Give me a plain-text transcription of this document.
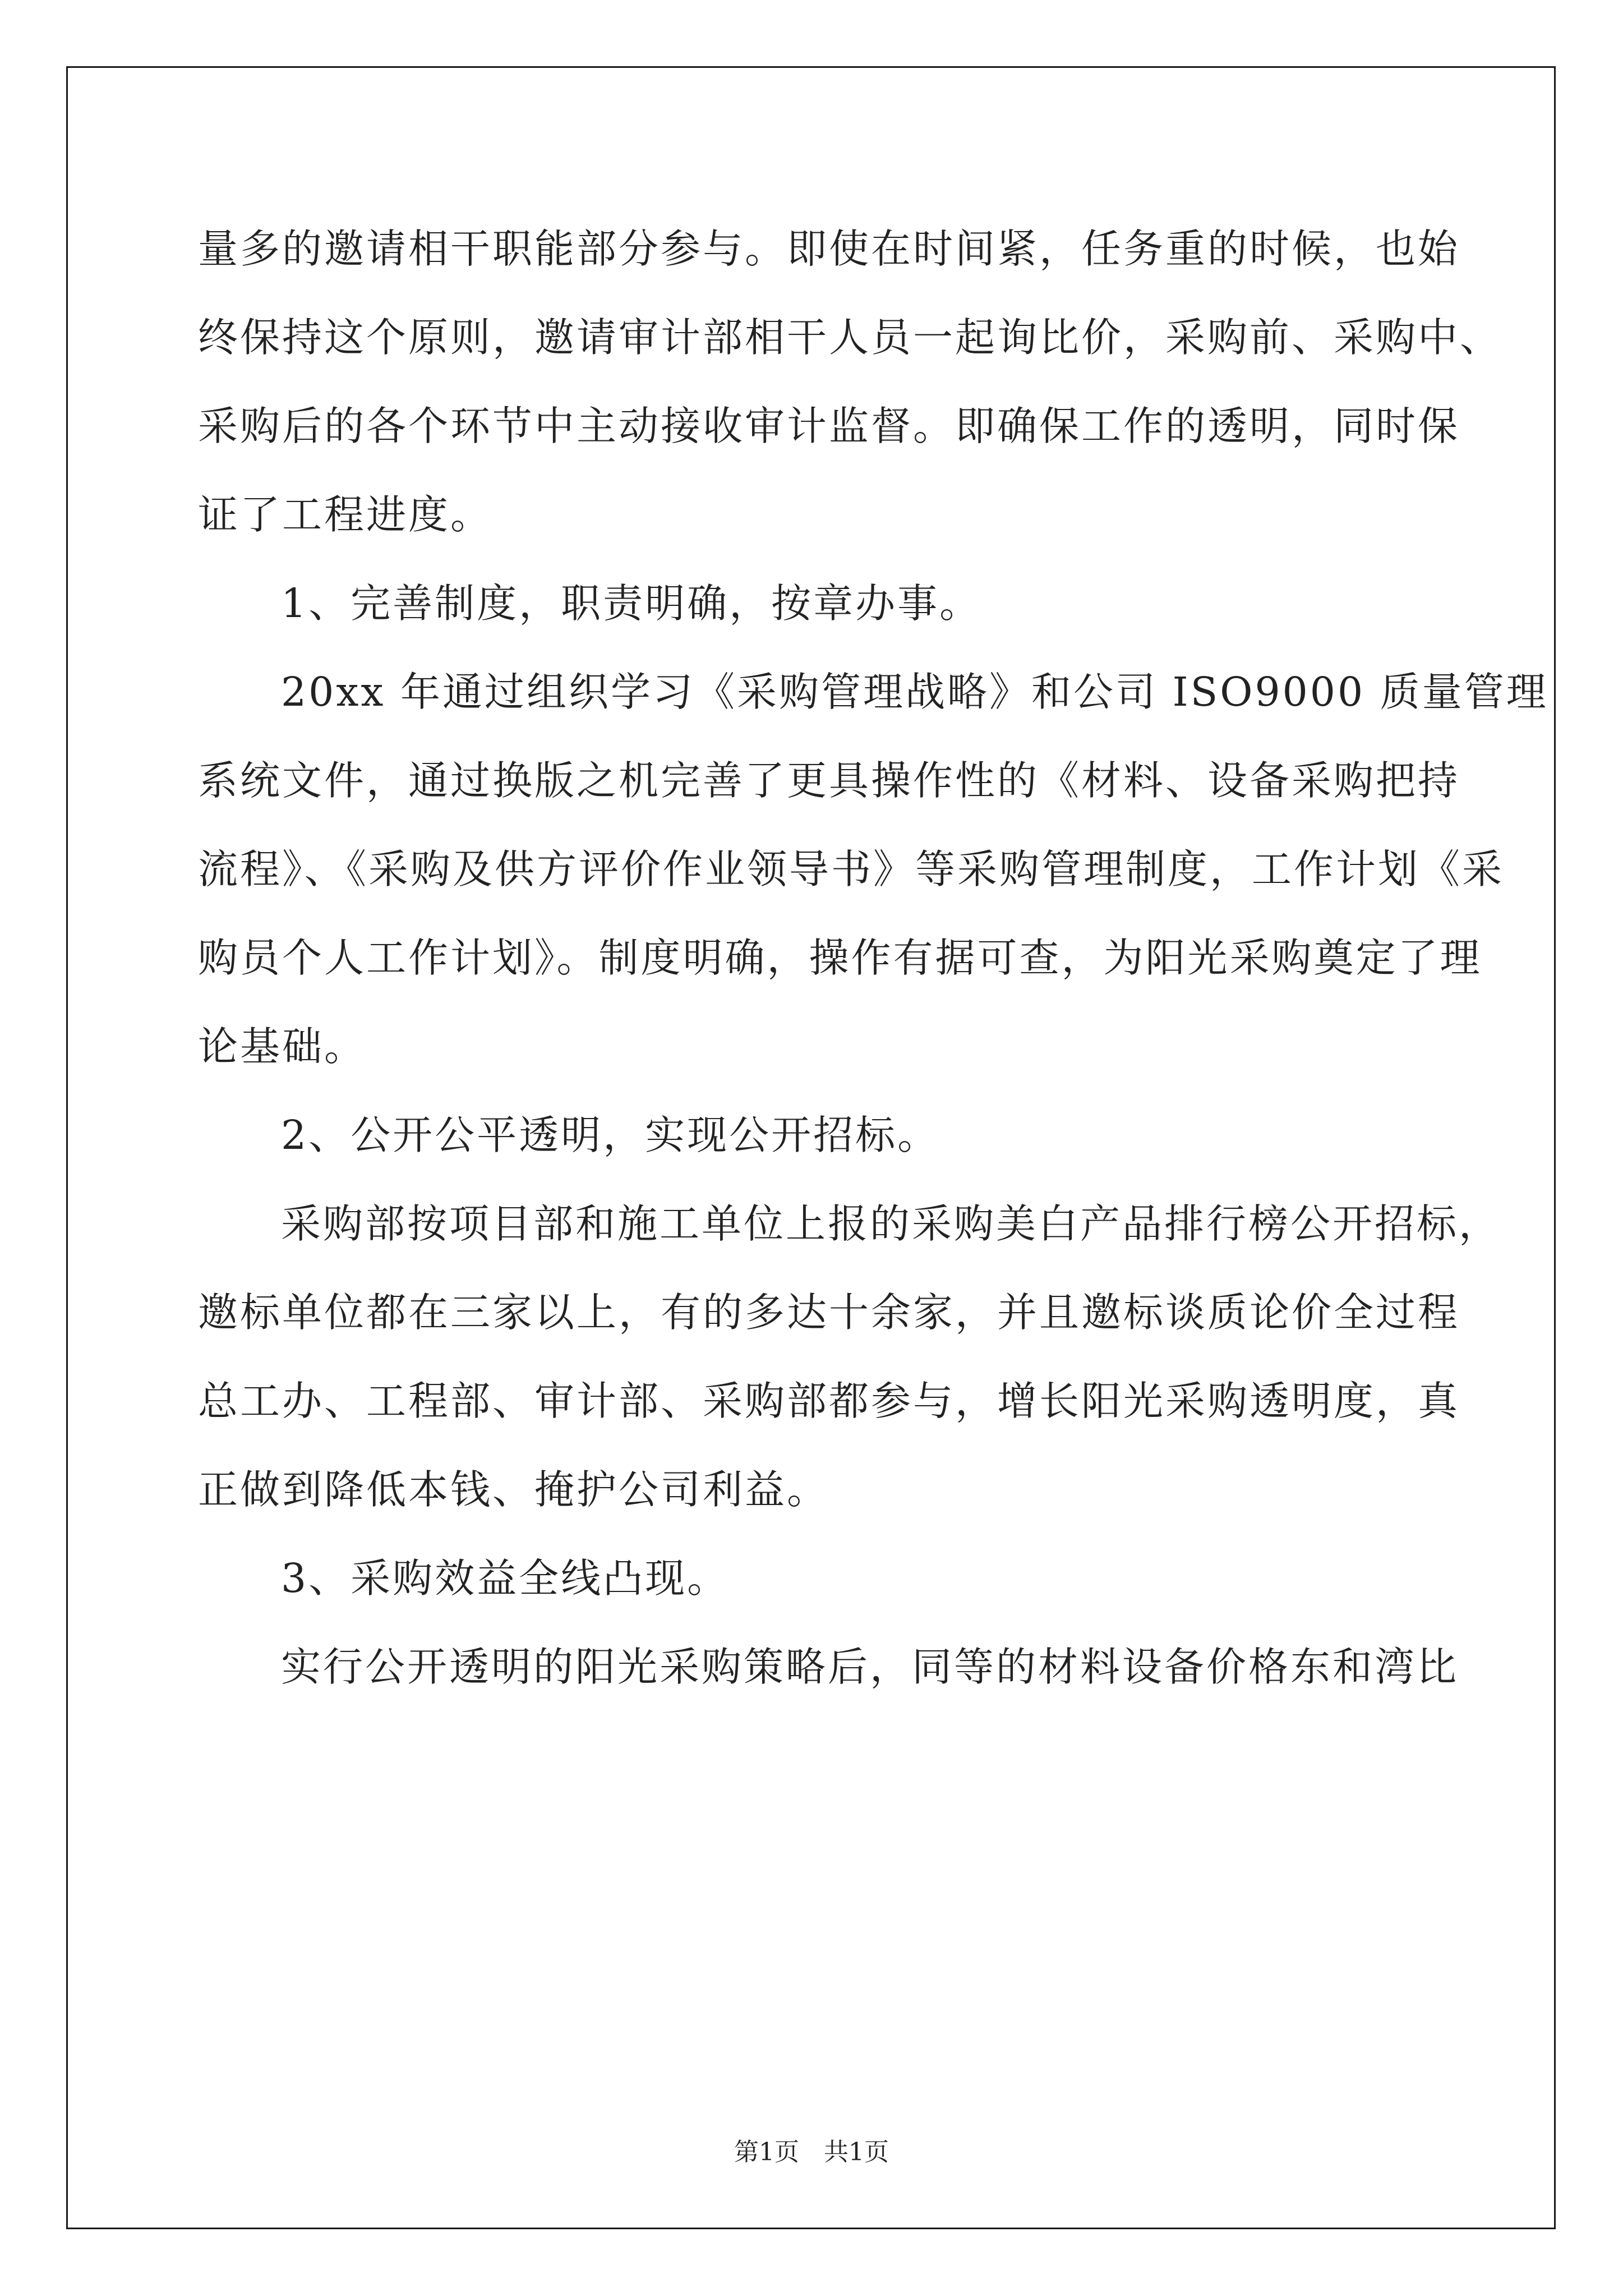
量多的邀请相干职能部分参与。即使在时间紧，任务重的时候，也始
终保持这个原则，邀请审计部相干人员一起询比价，采购前、采购中、
采购后的各个环节中主动接收审计监督。即确保工作的透明，同时保
证了工程进度。
1、完善制度，职责明确，按章办事。
20xx 年通过组织学习《采购管理战略》和公司 ISO9000 质量管理
系统文件，通过换版之机完善了更具操作性的《材料、设备采购把持
流程》、《采购及供方评价作业领导书》等采购管理制度，工作计划《采
购员个人工作计划》。制度明确，操作有据可查，为阳光采购奠定了理
论基础。
2、公开公平透明，实现公开招标。
采购部按项目部和施工单位上报的采购美白产品排行榜公开招标，
邀标单位都在三家以上，有的多达十余家，并且邀标谈质论价全过程
总工办、工程部、审计部、采购部都参与，增长阳光采购透明度，真
正做到降低本钱、掩护公司利益。
3、采购效益全线凸现。
实行公开透明的阳光采购策略后，同等的材料设备价格东和湾比
第1页 共1页
